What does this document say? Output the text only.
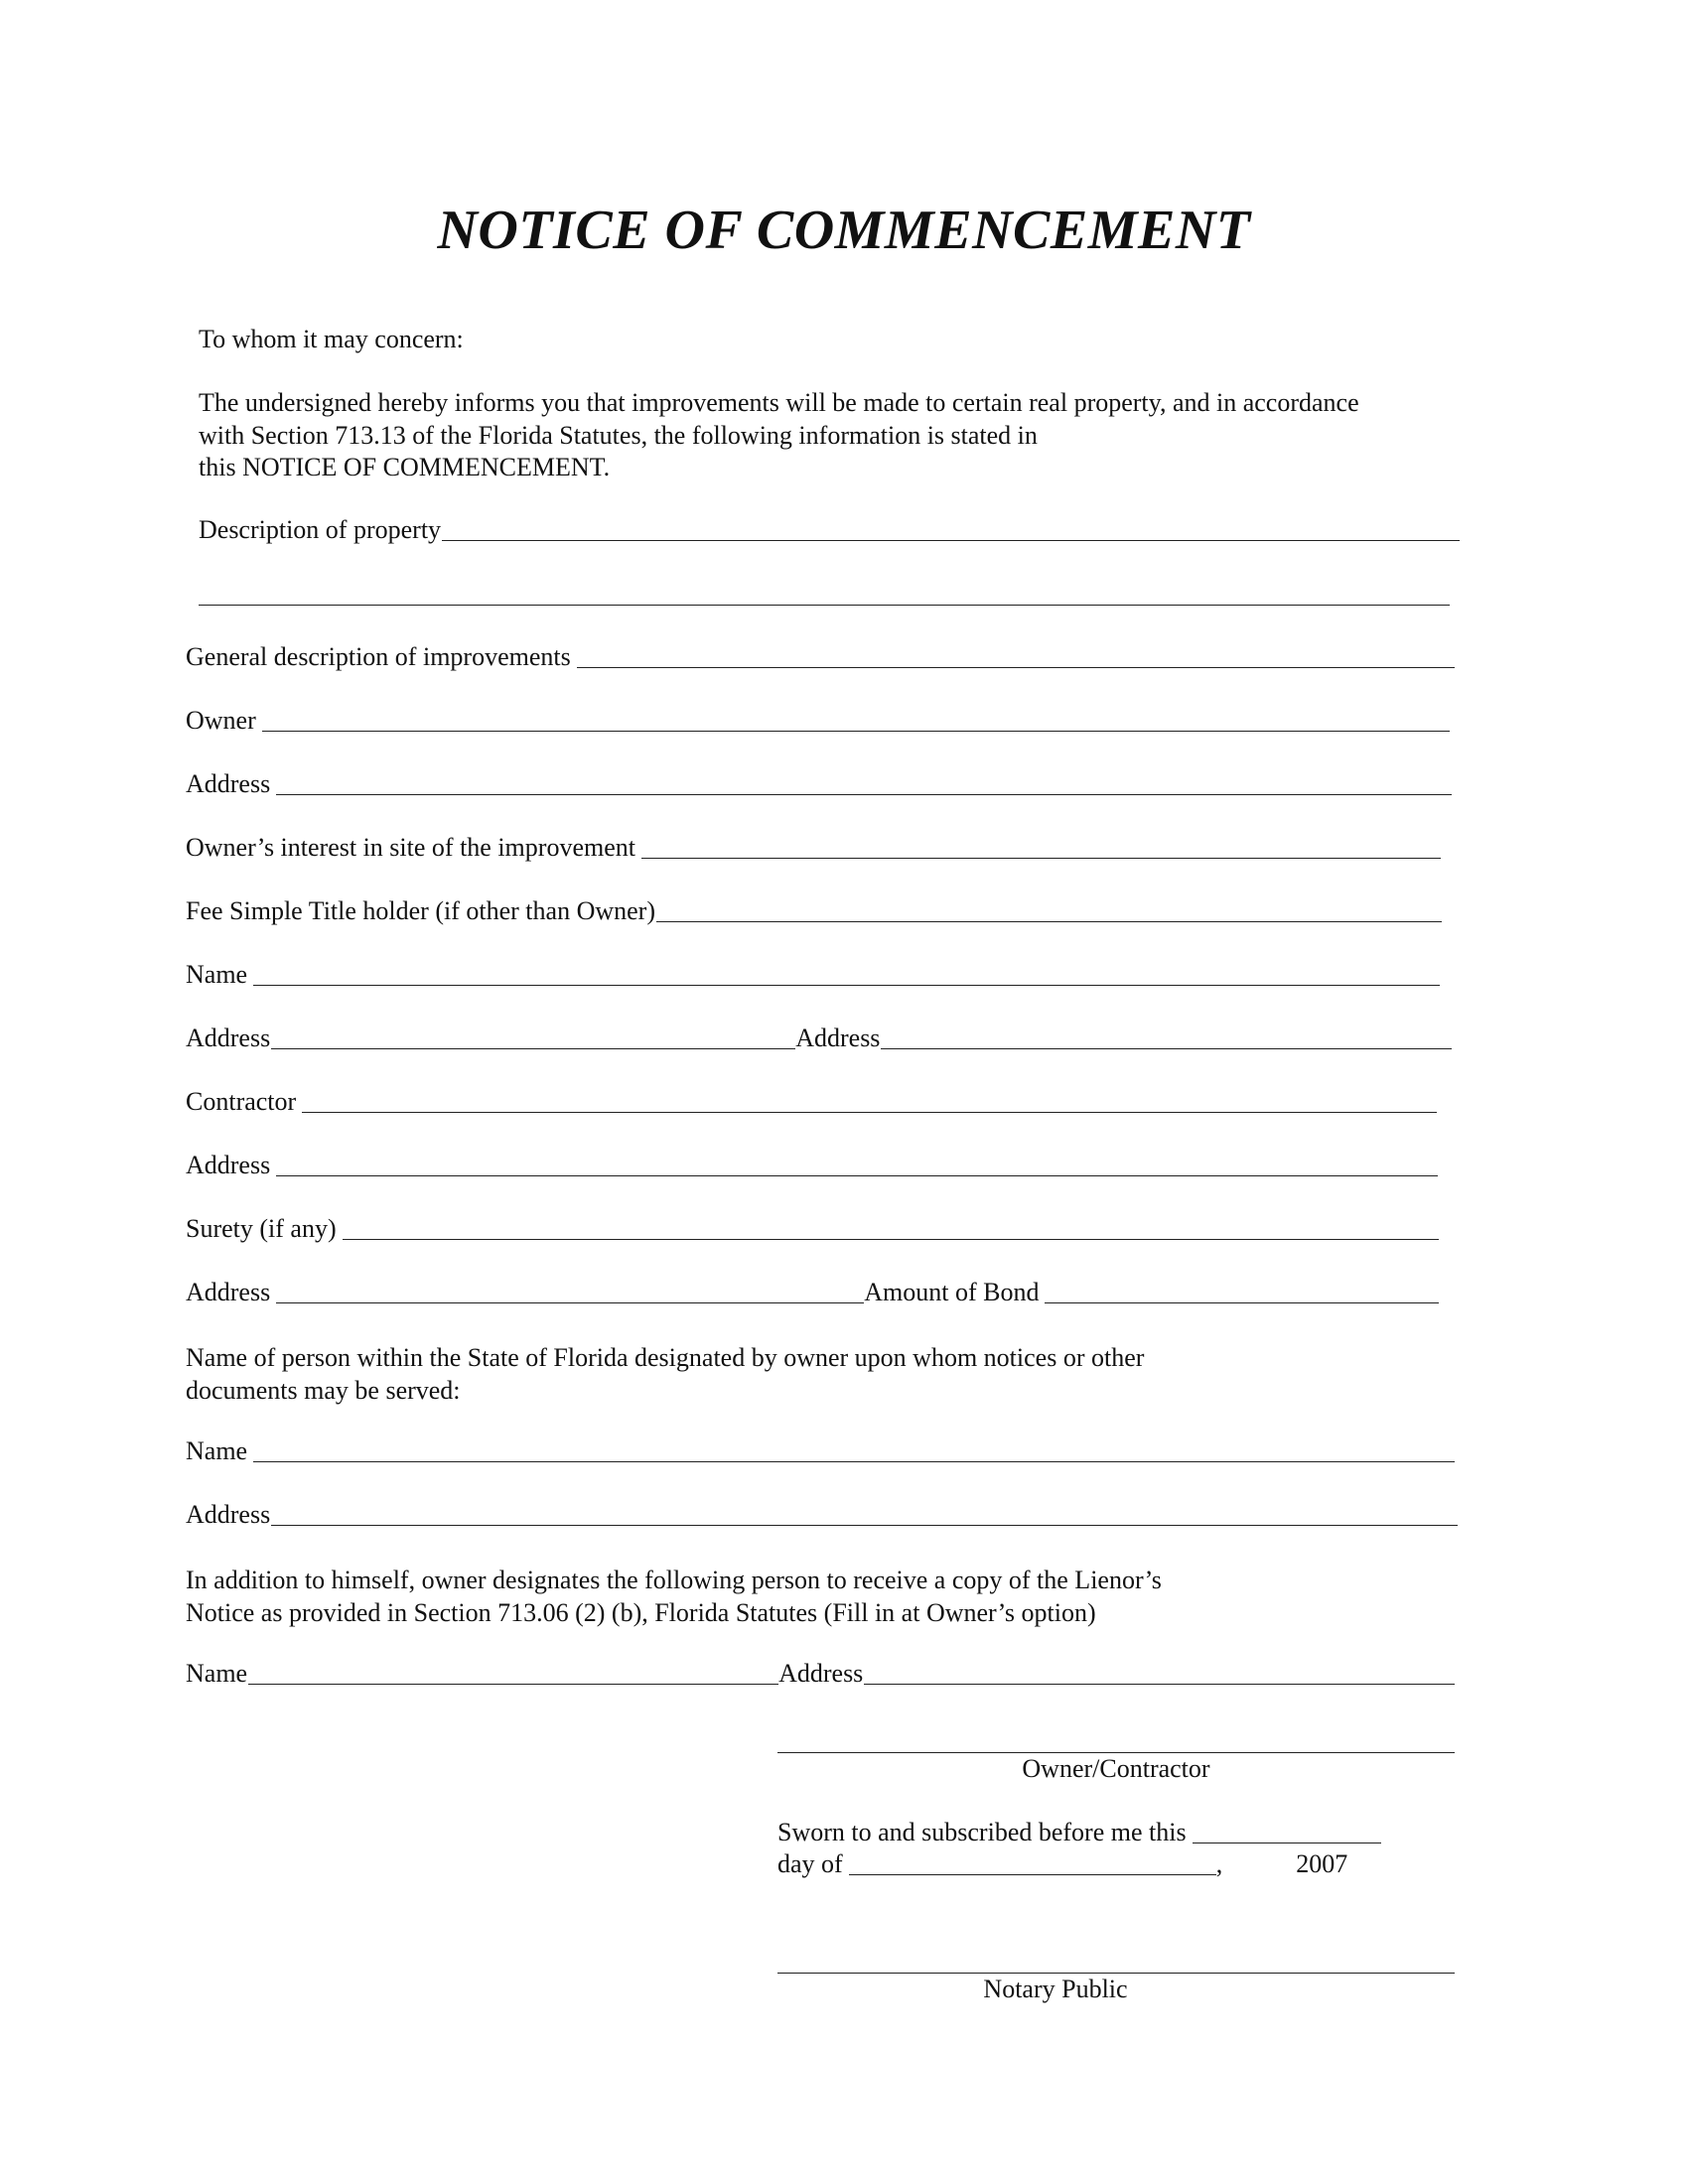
NOTICE OF COMMENCEMENT
To whom it may concern:
The undersigned hereby informs you that improvements will be made to certain real property, and in accordance
with Section 713.13 of the Florida Statutes, the following information is stated in
this NOTICE OF COMMENCEMENT.
Description of property
General description of improvements
Owner
Address
Owner’s interest in site of the improvement
Fee Simple Title holder (if other than Owner)
Name
Address	Address
Contractor
Address
Surety (if any)
Address	Amount of Bond
Name of person within the State of Florida designated by owner upon whom notices or other
documents may be served:
Name
Address
In addition to himself, owner designates the following person to receive a copy of the Lienor’s
Notice as provided in Section 713.06 (2) (b), Florida Statutes (Fill in at Owner’s option)
Name	Address
Owner/Contractor
Sworn to and subscribed before me this
day of	,	2007
Notary Public
